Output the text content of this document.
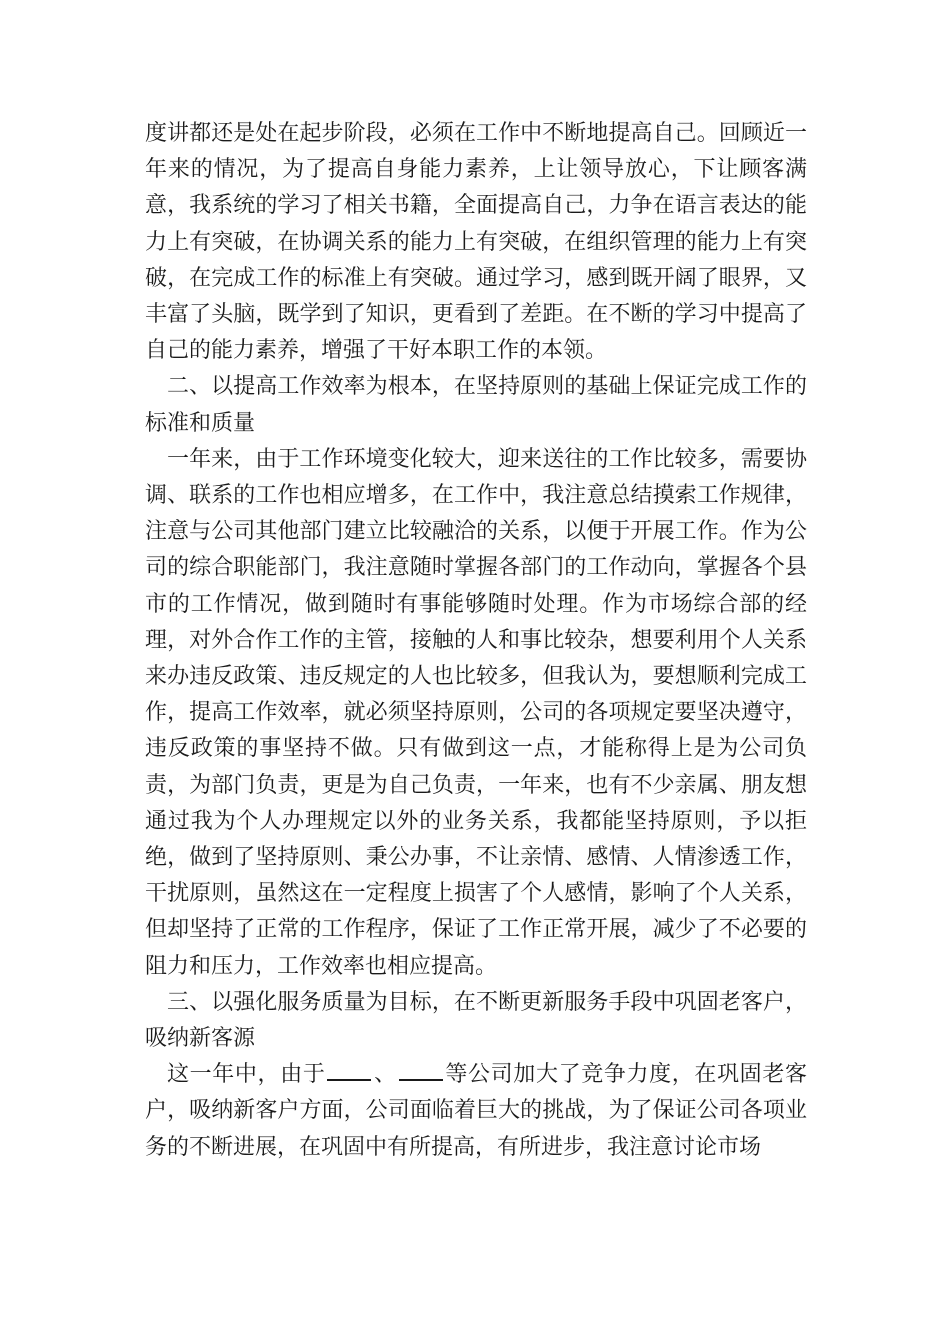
度讲都还是处在起步阶段，必须在工作中不断地提高自己。回顾近一年来的情况，为了提高自身能力素养，上让领导放心，下让顾客满意，我系统的学习了相关书籍，全面提高自己，力争在语言表达的能力上有突破，在协调关系的能力上有突破，在组织管理的能力上有突破，在完成工作的标准上有突破。通过学习，感到既开阔了眼界，又丰富了头脑，既学到了知识，更看到了差距。在不断的学习中提高了自己的能力素养，增强了干好本职工作的本领。

二、以提高工作效率为根本，在坚持原则的基础上保证完成工作的标准和质量

一年来，由于工作环境变化较大，迎来送往的工作比较多，需要协调、联系的工作也相应增多，在工作中，我注意总结摸索工作规律，注意与公司其他部门建立比较融洽的关系，以便于开展工作。作为公司的综合职能部门，我注意随时掌握各部门的工作动向，掌握各个县市的工作情况，做到随时有事能够随时处理。作为市场综合部的经理，对外合作工作的主管，接触的人和事比较杂，想要利用个人关系来办违反政策、违反规定的人也比较多，但我认为，要想顺利完成工作，提高工作效率，就必须坚持原则，公司的各项规定要坚决遵守，违反政策的事坚持不做。只有做到这一点，才能称得上是为公司负责，为部门负责，更是为自己负责，一年来，也有不少亲属、朋友想通过我为个人办理规定以外的业务关系，我都能坚持原则，予以拒绝，做到了坚持原则、秉公办事，不让亲情、感情、人情渗透工作，干扰原则，虽然这在一定程度上损害了个人感情，影响了个人关系，但却坚持了正常的工作程序，保证了工作正常开展，减少了不必要的阻力和压力，工作效率也相应提高。

三、以强化服务质量为目标，在不断更新服务手段中巩固老客户，吸纳新客源

这一年中，由于 、 等公司加大了竞争力度，在巩固老客户，吸纳新客户方面，公司面临着巨大的挑战，为了保证公司各项业务的不断进展，在巩固中有所提高，有所进步，我注意讨论市场
